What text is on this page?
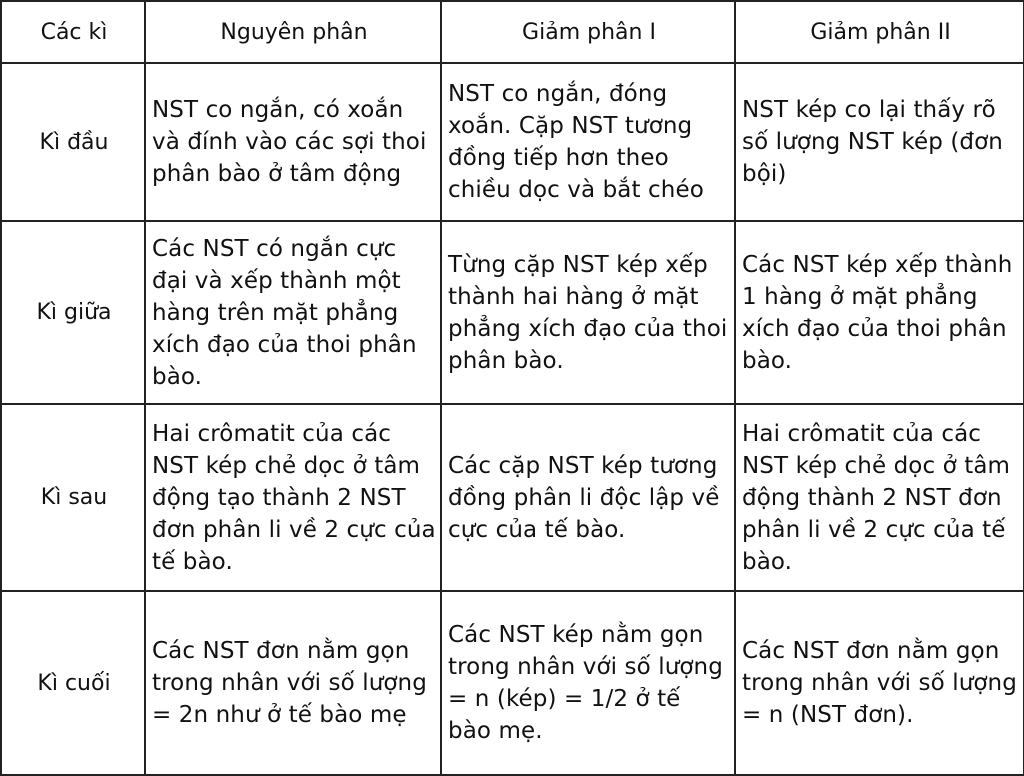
Các kì	Nguyên phân	Giảm phân I	Giảm phân II
Kì đầu	NST co ngắn, có xoắn và đính vào các sợi thoi phân bào ở tâm động	NST co ngắn, đóng xoắn. Cặp NST tương đồng tiếp hơn theo chiều dọc và bắt chéo	NST kép co lại thấy rõ số lượng NST kép (đơn bội)
Kì giữa	Các NST có ngắn cực đại và xếp thành một hàng trên mặt phẳng xích đạo của thoi phân bào.	Từng cặp NST kép xếp thành hai hàng ở mặt phẳng xích đạo của thoi phân bào.	Các NST kép xếp thành 1 hàng ở mặt phẳng xích đạo của thoi phân bào.
Kì sau	Hai crômatit của các NST kép chẻ dọc ở tâm động tạo thành 2 NST đơn phân li về 2 cực của tế bào.	Các cặp NST kép tương đồng phân li độc lập về cực của tế bào.	Hai crômatit của các NST kép chẻ dọc ở tâm động thành 2 NST đơn phân li về 2 cực của tế bào.
Kì cuối	Các NST đơn nằm gọn trong nhân với số lượng = 2n như ở tế bào mẹ	Các NST kép nằm gọn trong nhân với số lượng = n (kép) = 1/2 ở tế bào mẹ.	Các NST đơn nằm gọn trong nhân với số lượng = n (NST đơn).
